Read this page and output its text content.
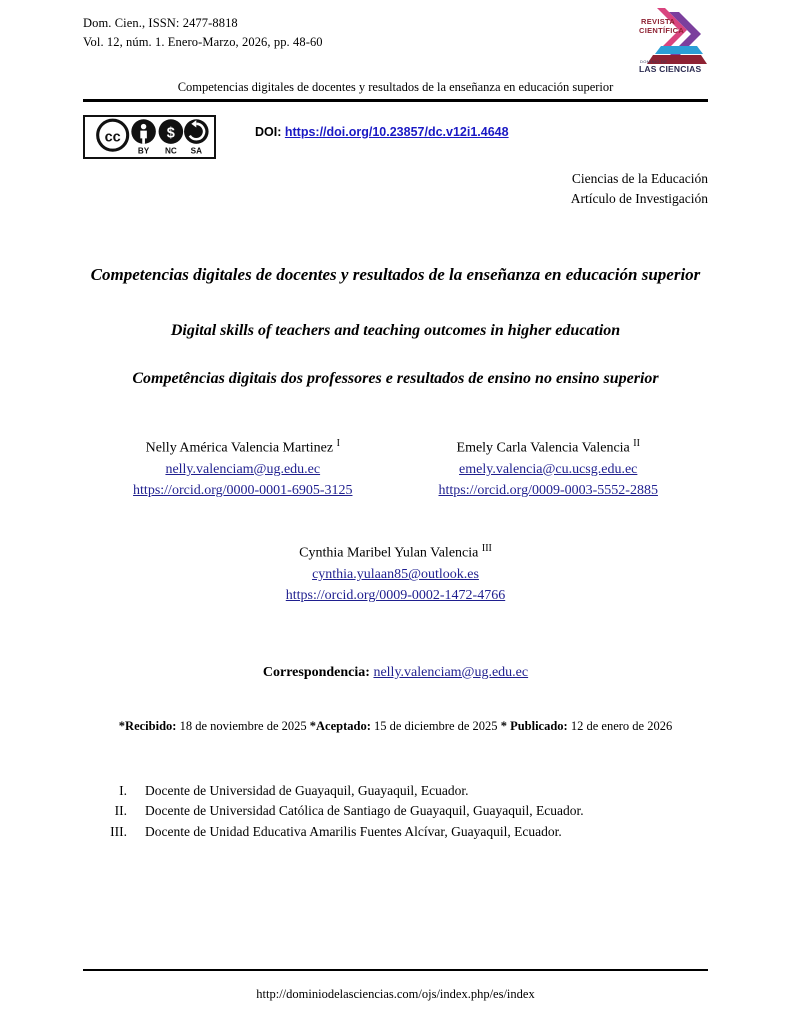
Dom. Cien., ISSN: 2477-8818
Vol. 12, núm. 1. Enero-Marzo, 2026, pp. 48-60
REVISTA
CIENTÍFICA
DOMINIO DE
LAS CIENCIAS
Competencias digitales de docentes y resultados de la enseñanza en educación superior
cc
BY
$
NC SA
DOI: https://doi.org/10.23857/dc.v12i1.4648
Ciencias de la Educación
Artículo de Investigación
Competencias digitales de docentes y resultados de la enseñanza en educación superior
Digital skills of teachers and teaching outcomes in higher education
Competências digitais dos professores e resultados de ensino no ensino superior
Nelly América Valencia Martinez $^I$
nelly.valenciam@ug.edu.ec
https://orcid.org/0000-0001-6905-3125
Emely Carla Valencia Valencia $^{II}$
emely.valencia@cu.ucsg.edu.ec
https://orcid.org/0009-0003-5552-2885
Cynthia Maribel Yulan Valencia $^{III}$
cynthia.yulaan85@outlook.es
https://orcid.org/0009-0002-1472-4766
Correspondencia: nelly.valenciam@ug.edu.ec
*Recibido: 18 de noviembre de 2025 *Aceptado: 15 de diciembre de 2025 * Publicado: 12 de enero de 2026
I.	Docente de Universidad de Guayaquil, Guayaquil, Ecuador.
II.	Docente de Universidad Católica de Santiago de Guayaquil, Guayaquil, Ecuador.
III.	Docente de Unidad Educativa Amarilis Fuentes Alcívar, Guayaquil, Ecuador.
http://dominiodelasciencias.com/ojs/index.php/es/index
